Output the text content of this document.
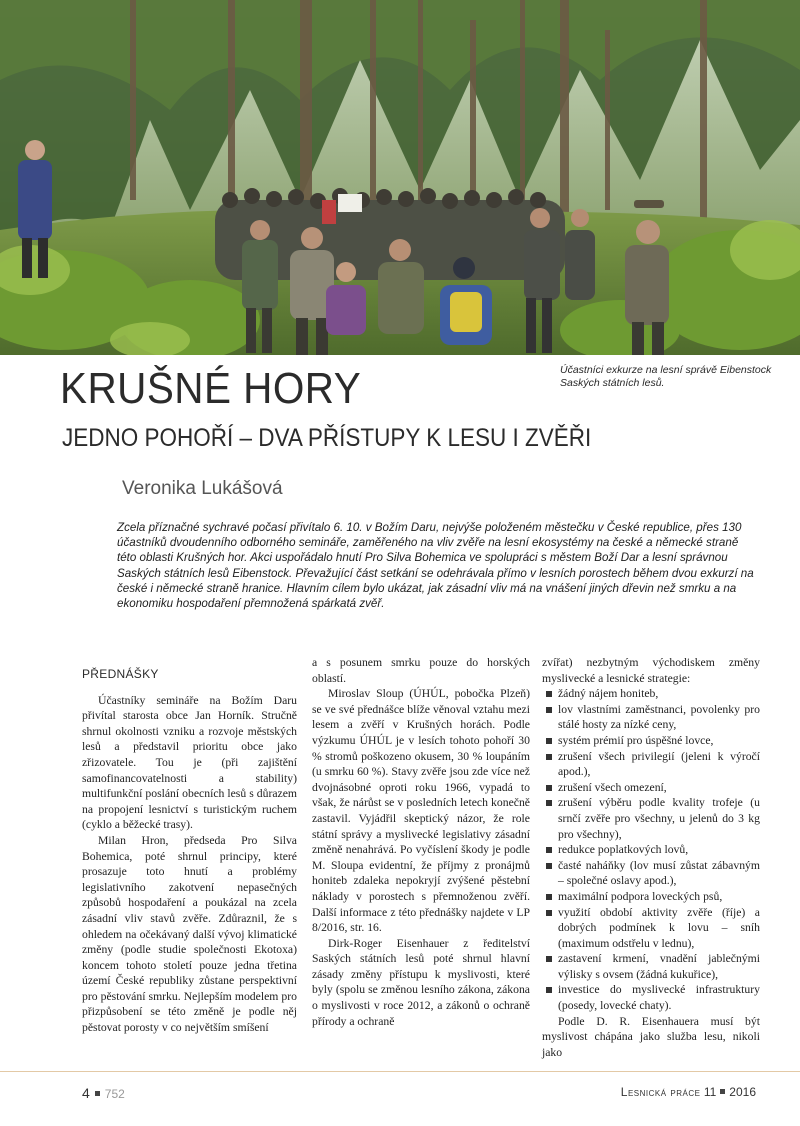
Účastníci exkurze na lesní správě Eibenstock Saských státních lesů.
KRUŠNÉ HORY
JEDNO POHOŘÍ – DVA PŘÍSTUPY K LESU I ZVĚŘI
Veronika Lukášová

Zcela příznačné sychravé počasí přivítalo 6. 10. v Božím Daru, nejvýše položeném městečku v České republice, přes 130 účastníků dvoudenního odborného semináře, zaměřeného na vliv zvěře na lesní ekosystémy na české a německé straně této oblasti Krušných hor. Akci uspořádalo hnutí Pro Silva Bohemica ve spolupráci s městem Boží Dar a lesní správnou Saských státních lesů Eibenstock. Převažující část setkání se odehrávala přímo v lesních porostech během dvou exkurzí na české i německé straně hranice. Hlavním cílem bylo ukázat, jak zásadní vliv má na vnášení jiných dřevin než smrku a na ekonomiku hospodaření přemnožená spárkatá zvěř.

PŘEDNÁŠKY

Účastníky semináře na Božím Daru přivítal starosta obce Jan Horník. Stručně shrnul okolnosti vzniku a rozvoje městských lesů a představil prioritu obce jako zřizovatele. Tou je (při zajištění samofinancovatelnosti a stability) multifunkční poslání obecních lesů s důrazem na propojení lesnictví s turistickým ruchem (cyklo a běžecké trasy).

Milan Hron, předseda Pro Silva Bohemica, poté shrnul principy, které prosazuje toto hnutí a problémy legislativního zakotvení nepasečných způsobů hospodaření a poukázal na zcela zásadní vliv stavů zvěře. Zdůraznil, že s ohledem na očekávaný další vývoj klimatické změny (podle studie společnosti Ekotoxa) koncem tohoto století pouze jedna třetina území České republiky zůstane perspektivní pro pěstování smrku. Nejlepším modelem pro přizpůsobení se této změně je podle něj pěstovat porosty v co největším smíšení

a s posunem smrku pouze do horských oblastí.

Miroslav Sloup (ÚHÚL, pobočka Plzeň) se ve své přednášce blíže věnoval vztahu mezi lesem a zvěří v Krušných horách. Podle výzkumu ÚHÚL je v lesích tohoto pohoří 30 % stromů poškozeno okusem, 30 % loupáním (u smrku 60 %). Stavy zvěře jsou zde více než dvojnásobné oproti roku 1966, vypadá to však, že nárůst se v posledních letech konečně zastavil. Vyjádřil skeptický názor, že role státní správy a myslivecké legislativy zásadní změně nenahrává. Po vyčíslení škody je podle M. Sloupa evidentní, že příjmy z pronájmů honiteb zdaleka nepokryjí zvýšené pěstební náklady v porostech s přemnoženou zvěří. Další informace z této přednášky najdete v LP 8/2016, str. 16.

Dirk-Roger Eisenhauer z ředitelství Saských státních lesů poté shrnul hlavní zásady změny přístupu k myslivosti, které byly (spolu se změnou lesního zákona, zákona o myslivosti v roce 2012, a zákonů o ochraně přírody a ochraně

zvířat) nezbytným východiskem změny myslivecké a lesnické strategie:

žádný nájem honiteb,
lov vlastními zaměstnanci, povolenky pro stálé hosty za nízké ceny,
systém prémií pro úspěšné lovce,
zrušení všech privilegií (jeleni k výročí apod.),
zrušení všech omezení,
zrušení výběru podle kvality trofeje (u srnčí zvěře pro všechny, u jelenů do 3 kg pro všechny),
redukce poplatkových lovů,
časté naháňky (lov musí zůstat zábavným – společné oslavy apod.),
maximální podpora loveckých psů,
využití období aktivity zvěře (říje) a dobrých podmínek k lovu – sníh (maximum odstřelu v lednu),
zastavení krmení, vnadění jablečnými výlisky s ovsem (žádná kukuřice),
investice do myslivecké infrastruktury (posedy, lovecké chaty).

Podle D. R. Eisenhauera musí být myslivost chápána jako služba lesu, nikoli jako

4 752	Lesnická práce 11 2016
